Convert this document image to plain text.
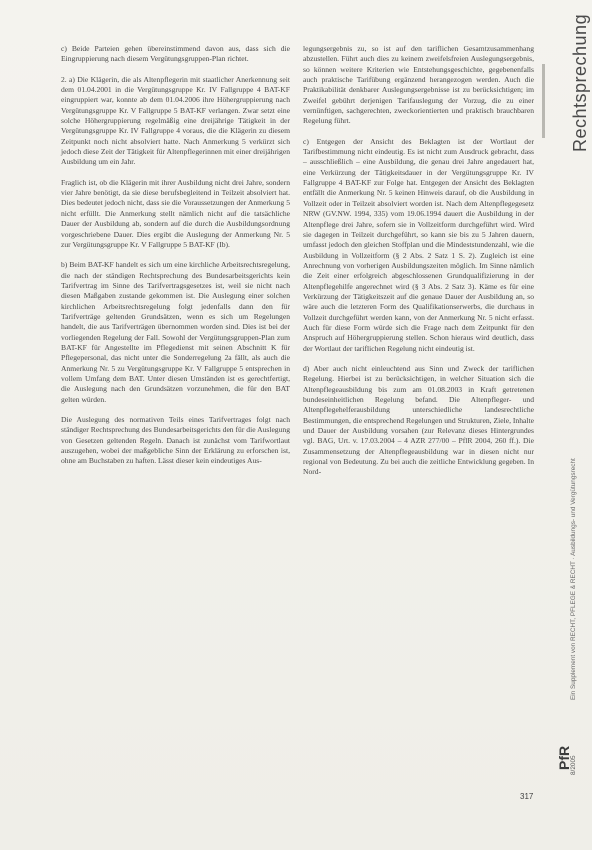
c) Beide Parteien gehen übereinstimmend davon aus, dass sich die Eingruppierung nach diesem Vergütungsgruppen-Plan richtet.

2. a) Die Klägerin, die als Altenpflegerin mit staatlicher Anerkennung seit dem 01.04.2001 in die Vergütungsgruppe Kr. IV Fallgruppe 4 BAT-KF eingruppiert war, konnte ab dem 01.04.2006 ihre Höhergruppierung nach Vergütungsgruppe Kr. V Fallgruppe 5 BAT-KF verlangen. Zwar setzt eine solche Höhergruppierung regelmäßig eine dreijährige Tätigkeit in der Vergütungsgruppe Kr. IV Fallgruppe 4 voraus, die die Klägerin zu diesem Zeitpunkt noch nicht absolviert hatte. Nach Anmerkung 5 verkürzt sich jedoch diese Zeit der Tätigkeit für Altenpflegerinnen mit einer dreijährigen Ausbildung um ein Jahr.

Fraglich ist, ob die Klägerin mit ihrer Ausbildung nicht drei Jahre, sondern vier Jahre benötigt, da sie diese berufsbegleitend in Teilzeit absolviert hat. Dies bedeutet jedoch nicht, dass sie die Voraussetzungen der Anmerkung 5 nicht erfüllt. Die Anmerkung stellt nämlich nicht auf die tatsächliche Dauer der Ausbildung ab, sondern auf die durch die Ausbildungsordnung vorgeschriebene Dauer. Dies ergibt die Auslegung der Anmerkung Nr. 5 zur Vergütungsgruppe Kr. V Fallgruppe 5 BAT-KF (Ib).

b) Beim BAT-KF handelt es sich um eine kirchliche Arbeitsrechtsregelung, die nach der ständigen Rechtsprechung des Bundesarbeitsgerichts kein Tarifvertrag im Sinne des Tarifvertragsgesetzes ist, weil sie nicht nach diesen Maßgaben zustande gekommen ist. Die Auslegung einer solchen kirchlichen Arbeitsrechtsregelung folgt jedenfalls dann den für Tarifverträge geltenden Grundsätzen, wenn es sich um Regelungen handelt, die aus Tarifverträgen übernommen worden sind. Dies ist bei der vorliegenden Regelung der Fall. Sowohl der Vergütungsgruppen-Plan zum BAT-KF für Angestellte im Pflegedienst mit seinen Abschnitt K für Pflegepersonal, das nicht unter die Sonderregelung 2a fällt, als auch die Anmerkung Nr. 5 zu Vergütungsgruppe Kr. V Fallgruppe 5 entsprechen in vollem Umfang dem BAT. Unter diesen Umständen ist es gerechtfertigt, die Auslegung nach den Grundsätzen vorzunehmen, die für den BAT gelten würden.

Die Auslegung des normativen Teils eines Tarifvertrages folgt nach ständiger Rechtsprechung des Bundesarbeitsgerichts den für die Auslegung von Gesetzen geltenden Regeln. Danach ist zunächst vom Tarifwortlaut auszugehen, wobei der maßgebliche Sinn der Erklärung zu erforschen ist, ohne am Buchstaben zu haften. Lässt dieser kein eindeutiges Aus-

legungsergebnis zu, so ist auf den tariflichen Gesamtzusammenhang abzustellen. Führt auch dies zu keinem zweifelsfreien Auslegungsergebnis, so können weitere Kriterien wie Entstehungsgeschichte, gegebenenfalls auch praktische Tarifübung ergänzend herangezogen werden. Auch die Praktikabilität denkbarer Auslegungsergebnisse ist zu berücksichtigen; im Zweifel gebührt derjenigen Tarifauslegung der Vorzug, die zu einer vernünftigen, sachgerechten, zweckorientierten und praktisch brauchbaren Regelung führt.

c) Entgegen der Ansicht des Beklagten ist der Wortlaut der Tarifbestimmung nicht eindeutig. Es ist nicht zum Ausdruck gebracht, dass – ausschließlich – eine Ausbildung, die genau drei Jahre angedauert hat, eine Verkürzung der Tätigkeitsdauer in der Vergütungsgruppe Kr. IV Fallgruppe 4 BAT-KF zur Folge hat. Entgegen der Ansicht des Beklagten entfällt die Anmerkung Nr. 5 keinen Hinweis darauf, ob die Ausbildung in Vollzeit oder in Teilzeit absolviert worden ist. Nach dem Altenpflegegesetz NRW (GV.NW. 1994, 335) vom 19.06.1994 dauert die Ausbildung in der Altenpflege drei Jahre, sofern sie in Vollzeitform durchgeführt wird. Wird sie dagegen in Teilzeit durchgeführt, so kann sie bis zu 5 Jahren dauern, umfasst jedoch den gleichen Stoffplan und die Mindeststundenzahl, wie die Ausbildung in Vollzeitform (§ 2 Abs. 2 Satz 1 S. 2). Zugleich ist eine Anrechnung von vorherigen Ausbildungszeiten möglich. Im Sinne nämlich die Zeit einer erfolgreich abgeschlossenen Grundqualifizierung in der Altenpflegehilfe angerechnet wird (§ 3 Abs. 2 Satz 3). Käme es für eine Verkürzung der Tätigkeitszeit auf die genaue Dauer der Ausbildung an, so wäre auch die letzteren Form des Qualifikationserwerbs, die durchaus in Vollzeit durchgeführt werden kann, von der Anmerkung Nr. 5 nicht erfasst. Auch für diese Form würde sich die Frage nach dem Zeitpunkt für den Anspruch auf Höhergruppierung stellen. Schon hieraus wird deutlich, dass der Wortlaut der tariflichen Regelung nicht eindeutig ist.

d) Aber auch nicht einleuchtend aus Sinn und Zweck der tariflichen Regelung. Hierbei ist zu berücksichtigen, in welcher Situation sich die Altenpflegeausbildung bis zum am 01.08.2003 in Kraft getretenen bundeseinheitlichen Regelung befand. Die Altenpfleger- und Altenpflegehelferausbildung unterschiedliche landesrechtliche Bestimmungen, die entsprechend Regelungen und Strukturen, Ziele, Inhalte und Dauer der Ausbildung vorsahen (zur Relevanz dieses Hintergrundes vgl. BAG, Urt. v. 17.03.2004 – 4 AZR 277/00 – PflR 2004, 260 ff.). Die Zusammensetzung der Altenpflegeausbildung war in diesen nicht nur regional von Bedeutung. Zu bei auch die zeitliche Entwicklung gegeben. In Nord-

Rechtsprechung
Ein Supplement von RECHT, PFLEGE & RECHT · Ausbildungs- und Vergütungsrecht
8/2005
PfR
317
